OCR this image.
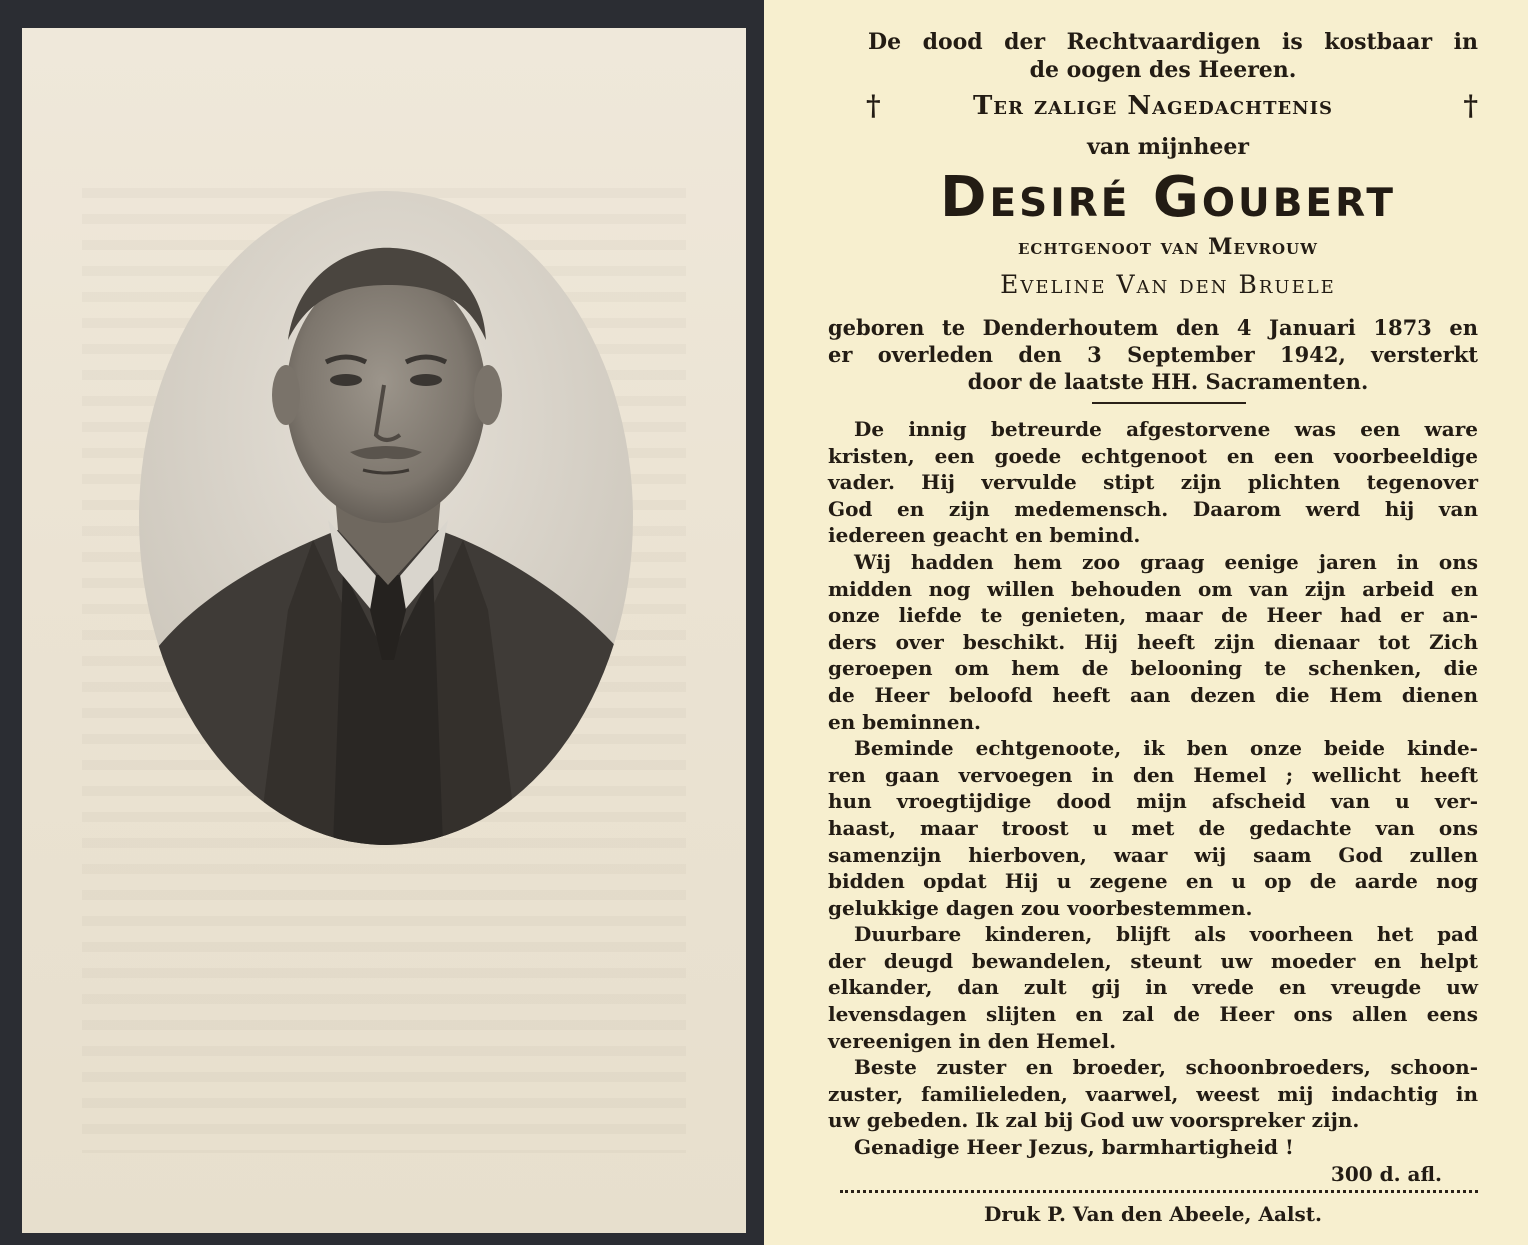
De dood der Rechtvaardigen is kostbaar in
de oogen des Heeren.
†	Ter zalige Nagedachtenis	†
van mijnheer
Desiré Goubert
echtgenoot van Mevrouw
Eveline Van den Bruele
geboren te Denderhoutem den 4 Januari 1873 en
er overleden den 3 September 1942, versterkt
door de laatste HH. Sacramenten.

De innig betreurde afgestorvene was een ware
kristen, een goede echtgenoot en een voorbeeldige
vader. Hij vervulde stipt zijn plichten tegenover
God en zijn medemensch. Daarom werd hij van
iedereen geacht en bemind.

Wij hadden hem zoo graag eenige jaren in ons
midden nog willen behouden om van zijn arbeid en
onze liefde te genieten, maar de Heer had er an-
ders over beschikt. Hij heeft zijn dienaar tot Zich
geroepen om hem de belooning te schenken, die
de Heer beloofd heeft aan dezen die Hem dienen
en beminnen.

Beminde echtgenoote, ik ben onze beide kinde-
ren gaan vervoegen in den Hemel ; wellicht heeft
hun vroegtijdige dood mijn afscheid van u ver-
haast, maar troost u met de gedachte van ons
samenzijn hierboven, waar wij saam God zullen
bidden opdat Hij u zegene en u op de aarde nog
gelukkige dagen zou voorbestemmen.

Duurbare kinderen, blijft als voorheen het pad
der deugd bewandelen, steunt uw moeder en helpt
elkander, dan zult gij in vrede en vreugde uw
levensdagen slijten en zal de Heer ons allen eens
vereenigen in den Hemel.

Beste zuster en broeder, schoonbroeders, schoon-
zuster, familieleden, vaarwel, weest mij indachtig in
uw gebeden. Ik zal bij God uw voorspreker zijn.

Genadige Heer Jezus, barmhartigheid !

300 d. afl.
Druk P. Van den Abeele, Aalst.
